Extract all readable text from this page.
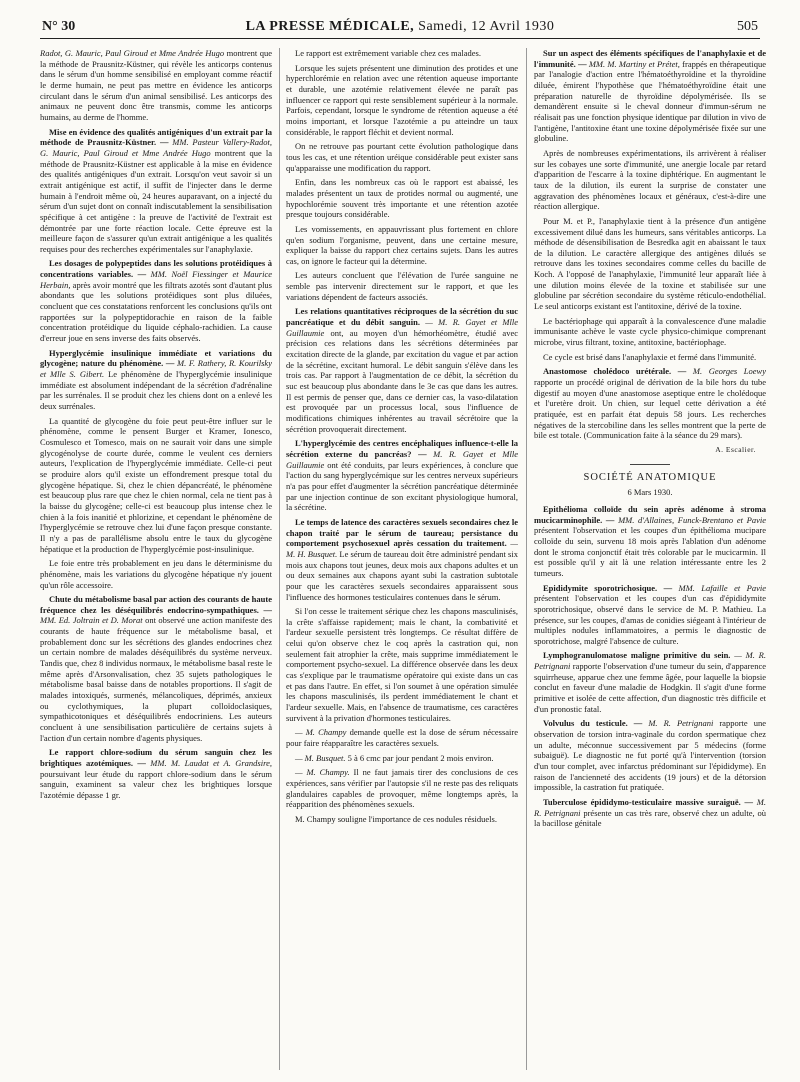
N° 30	LA PRESSE MÉDICALE, Samedi, 12 Avril 1930	505

Radot, G. Mauric, Paul Giroud et Mme Andrée Hugo montrent que la méthode de Prausnitz-Küstner, qui révèle les anticorps contenus dans le sérum d'un homme sensibilisé en employant comme réactif le derme humain, ne peut pas mettre en évidence les anticorps circulant dans le sérum d'un animal sensibilisé. Les anticorps des animaux ne peuvent donc être transmis, comme les anticorps humains, au derme de l'homme.

Mise en évidence des qualités antigéniques d'un extrait par la méthode de Prausnitz-Küstner. — MM. Pasteur Vallery-Radot, G. Mauric, Paul Giroud et Mme Andrée Hugo montrent que la méthode de Prausnitz-Küstner est applicable à la mise en évidence des qualités antigéniques d'un extrait. Lorsqu'on veut savoir si un extrait antigénique est actif, il suffit de l'injecter dans le derme humain à l'endroit même où, 24 heures auparavant, on a injecté du sérum d'un sujet dont on connaît indiscutablement la sensibilisation spécifique à cet antigène : la preuve de l'activité de l'extrait est démontrée par une forte réaction locale. Cette épreuve est la meilleure façon de s'assurer qu'un extrait antigénique a les qualités requises pour des recherches expérimentales sur l'anaphylaxie.

Les dosages de polypeptides dans les solutions protéidiques à concentrations variables. — MM. Noël Fiessinger et Maurice Herbain, après avoir montré que les filtrats azotés sont d'autant plus abondants que les solutions protéidiques sont plus diluées, concluent que ces constatations renforcent les conclusions qu'ils ont rapportées sur la polypeptidorachie en raison de la faible concentration protéidique du liquide céphalo-rachidien. La cause d'erreur joue en sens inverse des faits observés.

Hyperglycémie insulinique immédiate et variations du glycogène; nature du phénomène. — M. F. Rathery, R. Kourilsky et Mlle S. Gibert. Le phénomène de l'hyperglycémie insulinique immédiate est absolument indépendant de la sécrétion d'adrénaline par les surrénales. Il se produit chez les chiens dont on a enlevé les deux surrénales.

La quantité de glycogène du foie peut peut-être influer sur le phénomène, comme le pensent Burger et Kramer, Ionesco, Cosmulesco et Tomesco, mais on ne saurait voir dans une simple glycogénolyse de courte durée, comme le veulent ces derniers auteurs, l'explication de l'hyperglycémie immédiate. Celle-ci peut se produire alors qu'il existe un effondrement presque total du glycogène hépatique. Si, chez le chien dépancréaté, le phénomène est beaucoup plus rare que chez le chien normal, cela ne tient pas à la baisse du glycogène; celle-ci est beaucoup plus intense chez le chien à la fois inanitié et phlorizine, et cependant le phénomène de l'hyperglycémie se retrouve chez lui d'une façon presque constante. Il n'y a pas de parallélisme absolu entre le taux du glycogène hépatique et la production de l'hyperglycémie post-insulinique.

Le foie entre très probablement en jeu dans le déterminisme du phénomène, mais les variations du glycogène hépatique n'y jouent qu'un rôle accessoire.

Chute du métabolisme basal par action des courants de haute fréquence chez les déséquilibrés endocrino-sympathiques. — MM. Ed. Joltrain et D. Morat ont observé une action manifeste des courants de haute fréquence sur le métabolisme basal, et probablement donc sur les sécrétions des glandes endocrines chez un certain nombre de malades déséquilibrés du système nerveux. Tandis que, chez 8 individus normaux, le métabolisme basal reste le même après d'Arsonvalisation, chez 35 sujets pathologiques le métabolisme basal baisse dans de notables proportions. Il s'agit de malades intoxiqués, surmenés, mélancoliques, déprimés, anxieux ou cyclothymiques, la plupart colloïdoclasiques, sympathicotoniques et déséquilibrés endocriniens. Les auteurs concluent à une sensibilisation particulière de certains sujets à l'action d'un certain nombre d'agents physiques.

Le rapport chlore-sodium du sérum sanguin chez les brightiques azotémiques. — MM. M. Laudat et A. Grandsire, poursuivant leur étude du rapport chlore-sodium dans le sérum sanguin, examinent sa valeur chez les brightiques lorsque l'azotémie dépasse 1 gr.

Le rapport est extrêmement variable chez ces malades.

Lorsque les sujets présentent une diminution des protides et une hyperchlorémie en relation avec une rétention aqueuse importante et durable, une azotémie relativement élevée ne paraît pas influencer ce rapport qui reste sensiblement supérieur à la normale. Parfois, cependant, lorsque le syndrome de rétention aqueuse a été moins important, et lorsque l'azotémie a pu atteindre un taux considérable, le rapport fléchit et devient normal.

On ne retrouve pas pourtant cette évolution pathologique dans tous les cas, et une rétention uréique considérable peut exister sans qu'apparaisse une modification du rapport.

Enfin, dans les nombreux cas où le rapport est abaissé, les malades présentent un taux de protides normal ou augmenté, une hypochlorémie souvent très importante et une rétention azotée presque toujours considérable.

Les vomissements, en appauvrissant plus fortement en chlore qu'en sodium l'organisme, peuvent, dans une certaine mesure, expliquer la baisse du rapport chez certains sujets. Dans les autres cas, on ignore le facteur qui la détermine.

Les auteurs concluent que l'élévation de l'urée sanguine ne semble pas intervenir directement sur le rapport, et que les variations dépendent de facteurs associés.

Les relations quantitatives réciproques de la sécrétion du suc pancréatique et du débit sanguin. — M. R. Gayet et Mlle Guillaumie ont, au moyen d'un hémorhéomètre, étudié avec précision ces relations dans les sécrétions déterminées par excitation directe de la glande, par excitation du vague et par action de la sécrétine, excitant humoral. Le débit sanguin s'élève dans les trois cas. Par rapport à l'augmentation de ce débit, la sécrétion du suc est beaucoup plus abondante dans le 3e cas que dans les autres. Il est permis de penser que, dans ce dernier cas, la vaso-dilatation est provoquée par un processus local, sous l'influence de modifications chimiques inhérentes au travail sécrétoire que la sécrétion provoquerait directement.

L'hyperglycémie des centres encéphaliques influence-t-elle la sécrétion externe du pancréas? — M. R. Gayet et Mlle Guillaumie ont été conduits, par leurs expériences, à conclure que l'action du sang hyperglycémique sur les centres nerveux supérieurs n'a pas pour effet d'augmenter la sécrétion pancréatique déterminée par une injection continue de son excitant physiologique humoral, la sécrétine.

Le temps de latence des caractères sexuels secondaires chez le chapon traité par le sérum de taureau; persistance du comportement psychosexuel après cessation du traitement. — M. H. Busquet. Le sérum de taureau doit être administré pendant six mois aux chapons tout jeunes, deux mois aux chapons adultes et un ou deux semaines aux chapons ayant subi la castration subtotale pour que les caractères sexuels secondaires apparaissent sous l'influence des hormones testiculaires contenues dans le sérum.

Si l'on cesse le traitement sérique chez les chapons masculinisés, la crête s'affaisse rapidement; mais le chant, la combativité et l'ardeur sexuelle persistent très longtemps. Ce résultat diffère de celui qu'on observe chez le coq après la castration qui, non seulement fait atrophier la crête, mais supprime immédiatement le comportement psycho-sexuel. La différence observée dans les deux cas s'explique par le traumatisme opératoire qui existe dans un cas et pas dans l'autre. En effet, si l'on soumet à une opération simulée les chapons masculinisés, ils perdent immédiatement le chant et l'ardeur sexuelle. Mais, en l'absence de traumatisme, ces caractères survivent à la privation d'hormones testiculaires.

— M. Champy demande quelle est la dose de sérum nécessaire pour faire réapparaître les caractères sexuels.

— M. Busquet. 5 à 6 cmc par jour pendant 2 mois environ.

— M. Champy. Il ne faut jamais tirer des conclusions de ces expériences, sans vérifier par l'autopsie s'il ne reste pas des reliquats glandulaires capables de provoquer, même longtemps après, la réapparition des phénomènes sexuels.

M. Champy souligne l'importance de ces nodules résiduels.

Sur un aspect des éléments spécifiques de l'anaphylaxie et de l'immunité. — MM. M. Martiny et Prétet, frappés en thérapeutique par l'analogie d'action entre l'hématoéthyroïdine et la thyroïdine diluée, émirent l'hypothèse que l'hématoéthyroïdine était une préparation naturelle de thyroïdine dépolymérisée. Ils se demandèrent ensuite si le cheval donneur d'immun-sérum ne réalisait pas une fonction physique identique par dilution in vivo de l'antigène, l'antitoxine étant une toxine dépolymérisée fixée sur une globuline.

Après de nombreuses expérimentations, ils arrivèrent à réaliser sur les cobayes une sorte d'immunité, une anergie locale par retard d'apparition de l'escarre à la toxine diphtérique. En augmentant le taux de la dilution, ils eurent la surprise de constater une aggravation des phénomènes locaux et généraux, c'est-à-dire une réaction allergique.

Pour M. et P., l'anaphylaxie tient à la présence d'un antigène excessivement dilué dans les humeurs, sans véritables anticorps. La méthode de désensibilisation de Besredka agit en abaissant le taux de la dilution. Le caractère allergique des antigènes dilués se retrouve dans les toxines secondaires comme celles du bacille de Koch. A l'opposé de l'anaphylaxie, l'immunité leur apparaît liée à une dilution moins élevée de la toxine et stabilisée sur une globuline par sécrétion secondaire du système réticulo-endothélial. Le seul anticorps existant est l'antitoxine, dérivé de la toxine.

Le bactériophage qui apparaît à la convalescence d'une maladie immunisante achève le vaste cycle physico-chimique comprenant microbe, virus filtrant, toxine, antitoxine, bactériophage.

Ce cycle est brisé dans l'anaphylaxie et fermé dans l'immunité.

Anastomose cholédoco urétérale. — M. Georges Loewy rapporte un procédé original de dérivation de la bile hors du tube digestif au moyen d'une anastomose aseptique entre le cholédoque et l'uretère droit. Un chien, sur lequel cette dérivation a été pratiquée, est en parfait état depuis 58 jours. Les recherches négatives de la stercobiline dans les selles montrent que la perte de bile est totale. (Communication faite à la séance du 29 mars).

A. Escalier.

SOCIÉTÉ ANATOMIQUE

6 Mars 1930.

Epithélioma colloïde du sein après adénome à stroma mucicarminophile. — MM. d'Allaines, Funck-Brentano et Pavie présentent l'observation et les coupes d'un épithélioma mucipare colloïde du sein, survenu 18 mois après l'ablation d'un adénome dont le stroma conjonctif était très colorable par le mucicarmin. Il est possible qu'il y ait là une relation intéressante entre les 2 tumeurs.

Epididymite sporotrichosique. — MM. Lafaille et Pavie présentent l'observation et les coupes d'un cas d'épididymite sporotrichosique, observé dans le service de M. P. Mathieu. La présence, sur les coupes, d'amas de conidies siégeant à l'intérieur de multiples nodules inflammatoires, a permis le diagnostic de sporotrichose, malgré l'absence de culture.

Lymphogranulomatose maligne primitive du sein. — M. R. Petrignani rapporte l'observation d'une tumeur du sein, d'apparence squirrheuse, apparue chez une femme âgée, pour laquelle la biopsie conclut en faveur d'une maladie de Hodgkin. Il s'agit d'une forme primitive et isolée de cette affection, d'un diagnostic très difficile et d'un pronostic fatal.

Volvulus du testicule. — M. R. Petrignani rapporte une observation de torsion intra-vaginale du cordon spermatique chez un adulte, méconnue successivement par 5 médecins (forme subaiguë). Le diagnostic ne fut porté qu'à l'intervention (torsion d'un tour complet, avec infarctus prédominant sur l'épididyme). En raison de l'ancienneté des accidents (19 jours) et de la détorsion impossible, la castration fut pratiquée.

Tuberculose épididymo-testiculaire massive suraiguë. — M. R. Petrignani présente un cas très rare, observé chez un adulte, où la bacillose génitale
